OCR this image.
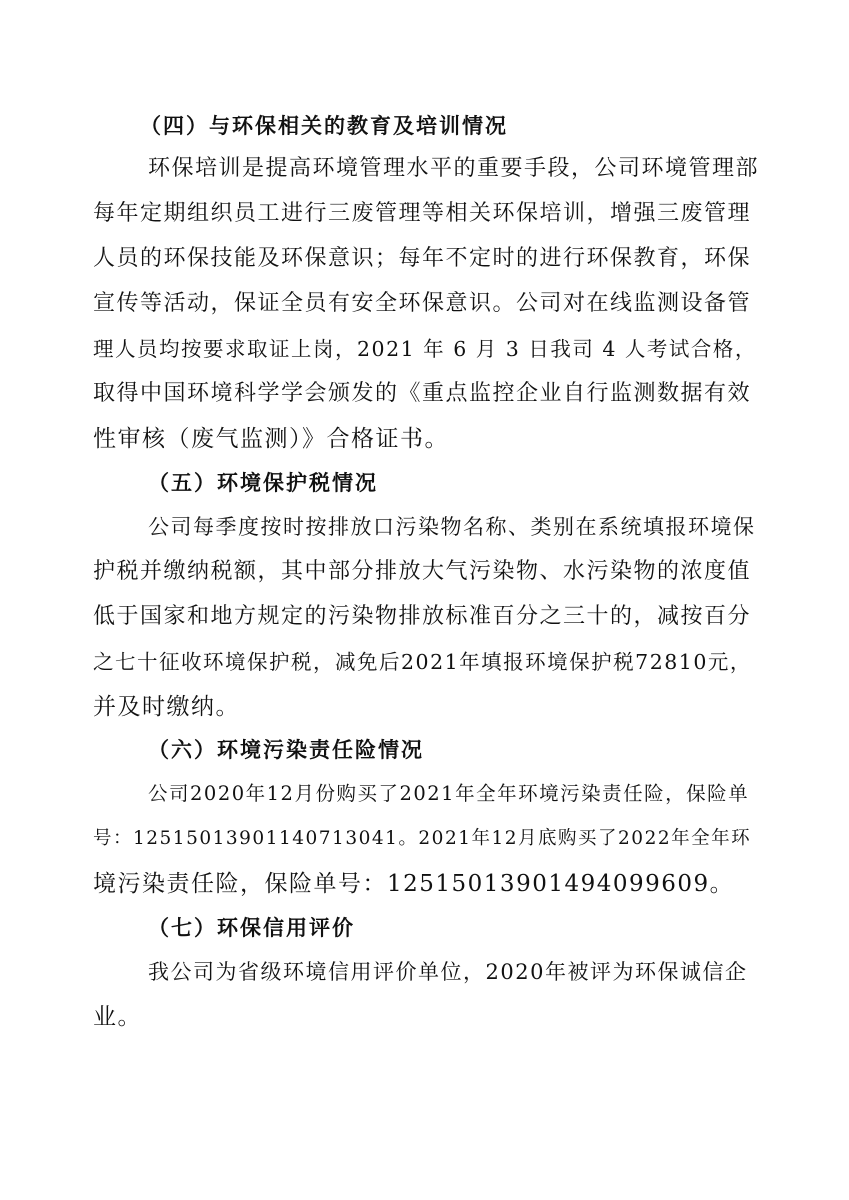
（四）与环保相关的教育及培训情况
环保培训是提高环境管理水平的重要手段，公司环境管理部
每年定期组织员工进行三废管理等相关环保培训，增强三废管理
人员的环保技能及环保意识；每年不定时的进行环保教育，环保
宣传等活动，保证全员有安全环保意识。公司对在线监测设备管
理人员均按要求取证上岗，2021 年 6 月 3 日我司 4 人考试合格，
取得中国环境科学学会颁发的《重点监控企业自行监测数据有效
性审核（废气监测）》合格证书。
（五）环境保护税情况
公司每季度按时按排放口污染物名称、类别在系统填报环境保
护税并缴纳税额，其中部分排放大气污染物、水污染物的浓度值
低于国家和地方规定的污染物排放标准百分之三十的，减按百分
之七十征收环境保护税，减免后2021年填报环境保护税72810元，
并及时缴纳。
（六）环境污染责任险情况
公司2020年12月份购买了2021年全年环境污染责任险，保险单
号：12515013901140713041。2021年12月底购买了2022年全年环
境污染责任险，保险单号：12515013901494099609。
（七）环保信用评价
我公司为省级环境信用评价单位，2020年被评为环保诚信企
业。
